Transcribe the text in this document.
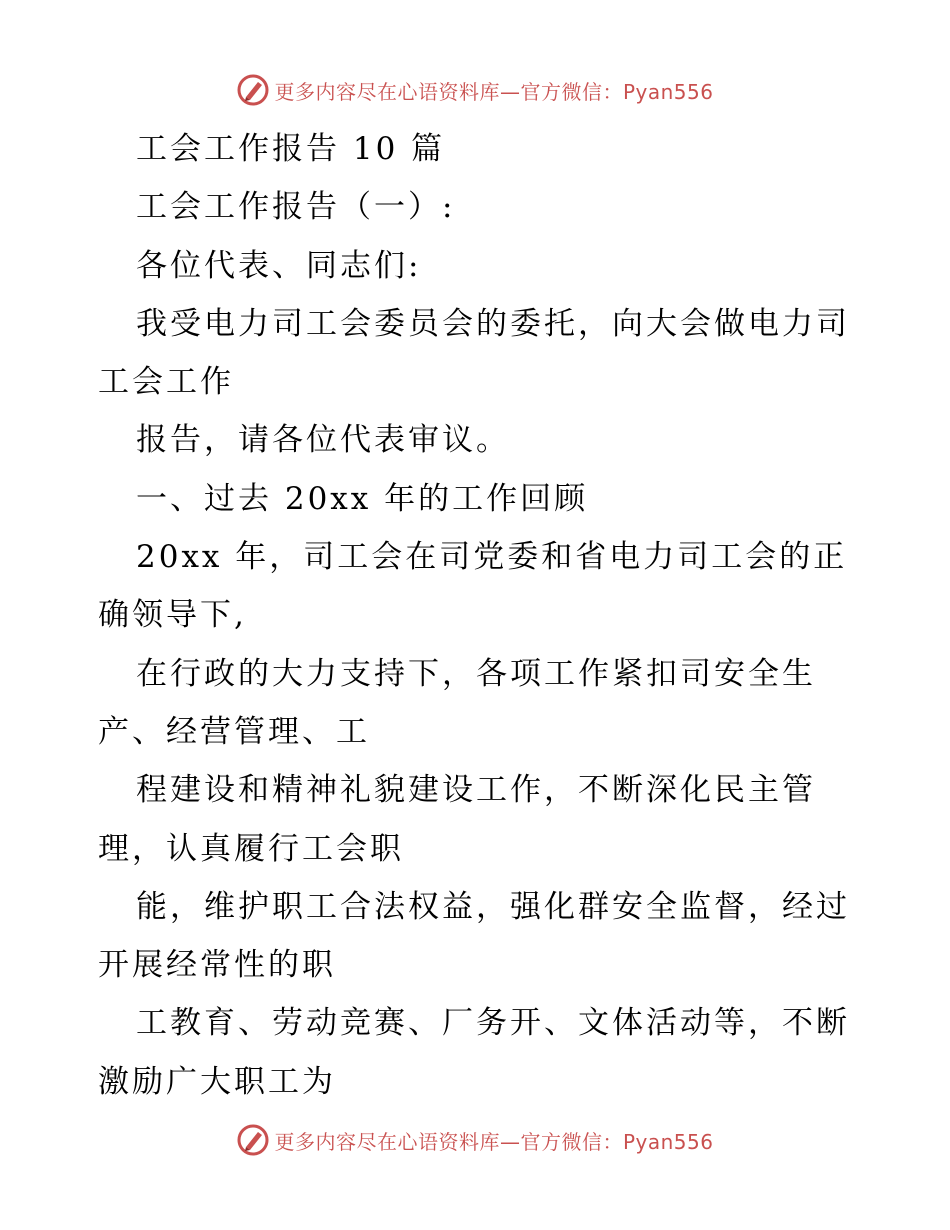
更多内容尽在心语资料库—官方微信：Pyan556
工会工作报告 10 篇
工会工作报告（一）:
各位代表、同志们:
我受电力司工会委员会的委托，向大会做电力司
工会工作
报告，请各位代表审议。
一、过去 20xx 年的工作回顾
20xx 年，司工会在司党委和省电力司工会的正
确领导下,
在行政的大力支持下，各项工作紧扣司安全生
产、经营管理、工
程建设和精神礼貌建设工作，不断深化民主管
理，认真履行工会职
能，维护职工合法权益，强化群安全监督，经过
开展经常性的职
工教育、劳动竞赛、厂务开、文体活动等，不断
激励广大职工为
更多内容尽在心语资料库—官方微信：Pyan556
